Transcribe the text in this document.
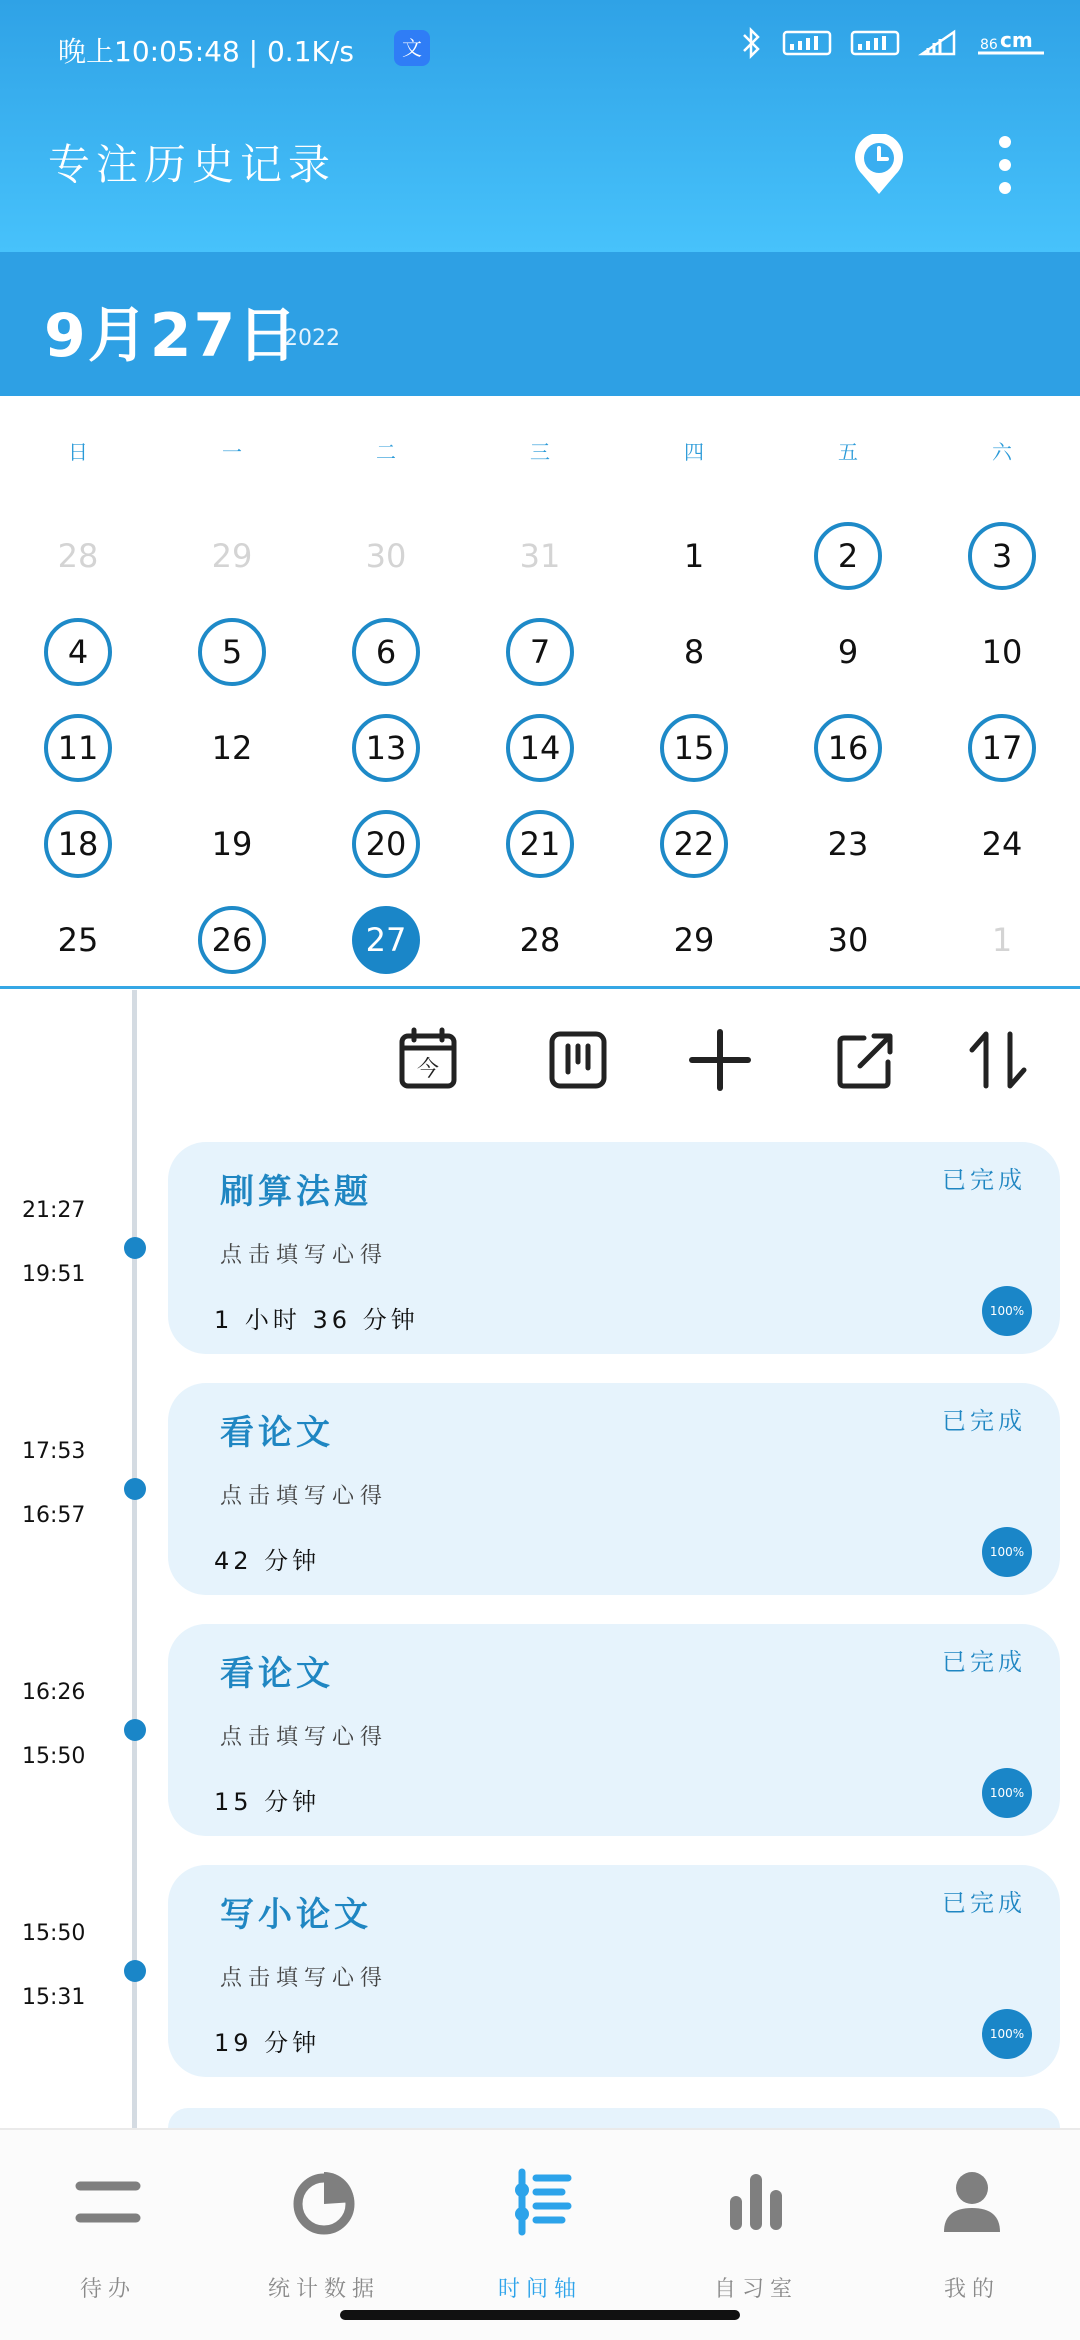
晚上10:05:48 | 0.1K/s	文	86 cm
专注历史记录
9月27日
2022
日	一	二	三	四	五	六
28	29	30	31	1	2	3
4	5	6	7	8	9	10
11	12	13	14	15	16	17
18	19	20	21	22	23	24
25	26	27	28	29	30	1
今
21:27
19:51
刷算法题	已完成
点击填写心得
1 小时 36 分钟	100%
17:53
16:57
看论文	已完成
点击填写心得
42 分钟	100%
16:26
15:50
看论文	已完成
点击填写心得
15 分钟	100%
15:50
15:31
写小论文	已完成
点击填写心得
19 分钟	100%
待办	统计数据	时间轴	自习室	我的
